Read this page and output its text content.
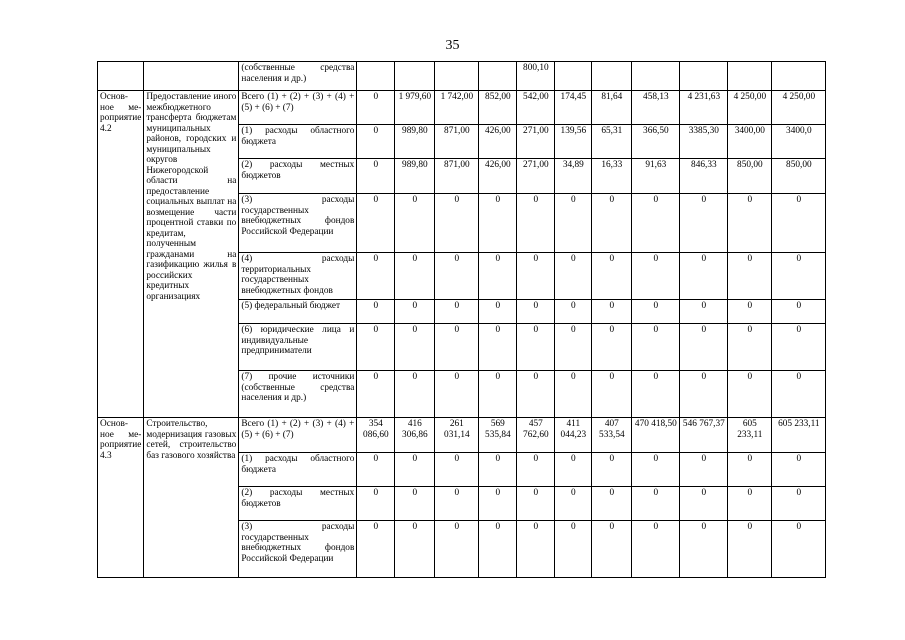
35
		(собственные средства населения и др.)					800,10						
Основ-ное ме-роприятие 4.2	Предоставление иного межбюджетного трансферта бюджетам муниципальных районов, городских и муниципальных округов Нижегородской области на предоставление социальных выплат на возмещение части процентной ставки по кредитам, полученным гражданами на газификацию жилья в российских кредитных организациях	Всего (1) + (2) + (3) + (4) + (5) + (6) + (7)	0	1 979,60	1 742,00	852,00	542,00	174,45	81,64	458,13	4 231,63	4 250,00	4 250,00
		(1) расходы областного бюджета	0	989,80	871,00	426,00	271,00	139,56	65,31	366,50	3385,30	3400,00	3400,0
		(2) расходы местных бюджетов	0	989,80	871,00	426,00	271,00	34,89	16,33	91,63	846,33	850,00	850,00
		(3) расходы государственных внебюджетных фондов Российской Федерации	0	0	0	0	0	0	0	0	0	0	0
		(4) расходы территориальных государственных внебюджетных фондов	0	0	0	0	0	0	0	0	0	0	0
		(5) федеральный бюджет	0	0	0	0	0	0	0	0	0	0	0
		(6) юридические лица и индивидуальные предприниматели	0	0	0	0	0	0	0	0	0	0	0
		(7) прочие источники (собственные средства населения и др.)	0	0	0	0	0	0	0	0	0	0	0
Основ-ное ме-роприятие 4.3	Строительство, модернизация газовых сетей, строительство баз газового хозяйства	Всего (1) + (2) + (3) + (4) + (5) + (6) + (7)	354 086,60	416 306,86	261 031,14	569 535,84	457 762,60	411 044,23	407 533,54	470 418,50	546 767,37	605 233,11	605 233,11
		(1) расходы областного бюджета	0	0	0	0	0	0	0	0	0	0	0
		(2) расходы местных бюджетов	0	0	0	0	0	0	0	0	0	0	0
		(3) расходы государственных внебюджетных фондов Российской Федерации	0	0	0	0	0	0	0	0	0	0	0
